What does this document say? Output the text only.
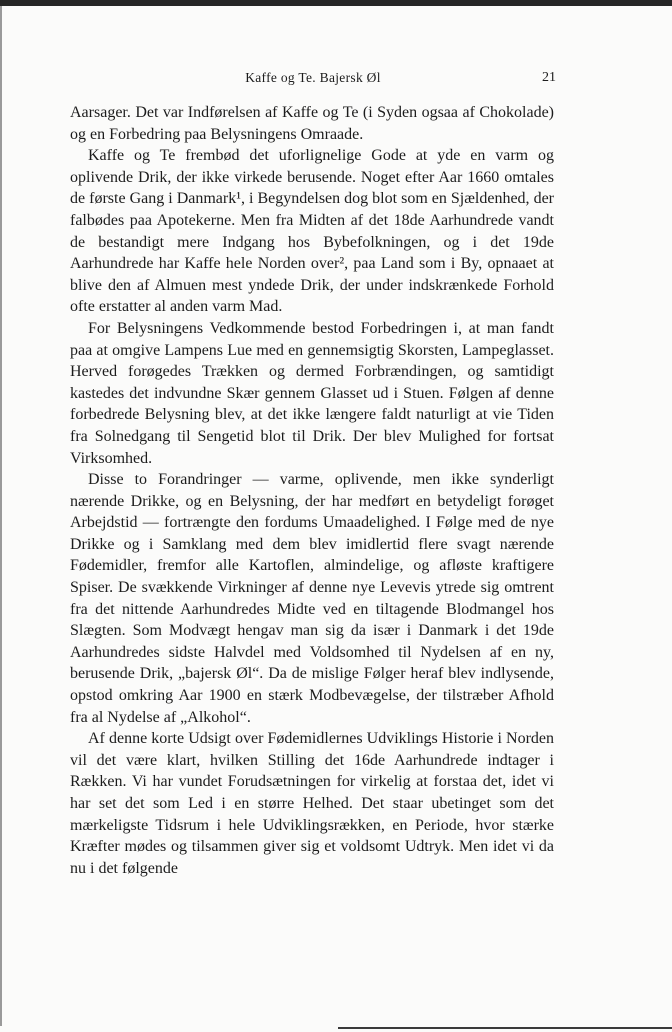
Kaffe og Te. Bajersk Øl	21

Aarsager. Det var Indførelsen af Kaffe og Te (i Syden ogsaa af Chokolade) og en Forbedring paa Belysningens Omraade.

Kaffe og Te frembød det uforlignelige Gode at yde en varm og oplivende Drik, der ikke virkede berusende. Noget efter Aar 1660 omtales de første Gang i Danmark¹, i Begyndelsen dog blot som en Sjældenhed, der falbødes paa Apotekerne. Men fra Midten af det 18de Aarhundrede vandt de bestandigt mere Indgang hos Bybefolkningen, og i det 19de Aarhundrede har Kaffe hele Norden over², paa Land som i By, opnaaet at blive den af Almuen mest yndede Drik, der under indskrænkede Forhold ofte erstatter al anden varm Mad.

For Belysningens Vedkommende bestod Forbedringen i, at man fandt paa at omgive Lampens Lue med en gennemsigtig Skorsten, Lampeglasset. Herved forøgedes Trækken og dermed Forbrændingen, og samtidigt kastedes det indvundne Skær gennem Glasset ud i Stuen. Følgen af denne forbedrede Belysning blev, at det ikke længere faldt naturligt at vie Tiden fra Solnedgang til Sengetid blot til Drik. Der blev Mulighed for fortsat Virksomhed.

Disse to Forandringer — varme, oplivende, men ikke synderligt nærende Drikke, og en Belysning, der har medført en betydeligt forøget Arbejdstid — fortrængte den fordums Umaadelighed. I Følge med de nye Drikke og i Samklang med dem blev imidlertid flere svagt nærende Fødemidler, fremfor alle Kartoflen, almindelige, og afløste kraftigere Spiser. De svækkende Virkninger af denne nye Levevis ytrede sig omtrent fra det nittende Aarhundredes Midte ved en tiltagende Blodmangel hos Slægten. Som Modvægt hengav man sig da især i Danmark i det 19de Aarhundredes sidste Halvdel med Voldsomhed til Nydelsen af en ny, berusende Drik, „bajersk Øl“. Da de mislige Følger heraf blev indlysende, opstod omkring Aar 1900 en stærk Modbevægelse, der tilstræber Afhold fra al Nydelse af „Alkohol“.

Af denne korte Udsigt over Fødemidlernes Udviklings Historie i Norden vil det være klart, hvilken Stilling det 16de Aarhundrede indtager i Rækken. Vi har vundet Forudsætningen for virkelig at forstaa det, idet vi har set det som Led i en større Helhed. Det staar ubetinget som det mærkeligste Tidsrum i hele Udviklingsrækken, en Periode, hvor stærke Kræfter mødes og tilsammen giver sig et voldsomt Udtryk. Men idet vi da nu i det følgende
